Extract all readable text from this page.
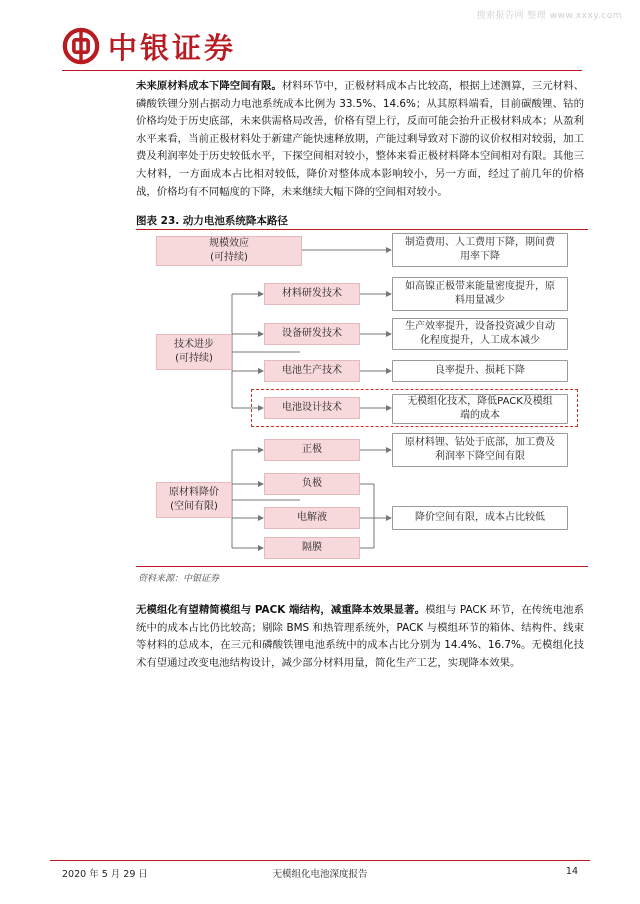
搜索报告网 整理 www.xxxy.com
中银证券

未来原材料成本下降空间有限。材料环节中，正极材料成本占比较高，根据上述测算，三元材料、磷酸铁锂分别占据动力电池系统成本比例为 33.5%、14.6%；从其原料端看，目前碳酸锂、钴的价格均处于历史底部，未来供需格局改善，价格有望上行，反而可能会抬升正极材料成本；从盈利水平来看，当前正极材料处于新建产能快速释放期，产能过剩导致对下游的议价权相对较弱，加工费及利润率处于历史较低水平，下探空间相对较小，整体来看正极材料降本空间相对有限。其他三大材料，一方面成本占比相对较低，降价对整体成本影响较小，另一方面，经过了前几年的价格战，价格均有不同幅度的下降，未来继续大幅下降的空间相对较小。

图表 23. 动力电池系统降本路径
规模效应
(可持续)
技术进步
(可持续)
原材料降价
(空间有限)
材料研发技术
设备研发技术
电池生产技术
电池设计技术
正极
负极
电解液
隔膜
制造费用、人工费用下降，期间费用率下降
如高镍正极带来能量密度提升，原料用量减少
生产效率提升，设备投资减少自动化程度提升，人工成本减少
良率提升、损耗下降
无模组化技术，降低PACK及模组端的成本
原材料锂、钴处于底部，加工费及利润率下降空间有限
降价空间有限，成本占比较低
资料来源：中银证券

无模组化有望精简模组与 PACK 端结构，减重降本效果显著。模组与 PACK 环节，在传统电池系统中的成本占比仍比较高；剔除 BMS 和热管理系统外，PACK 与模组环节的箱体、结构件、线束等材料的总成本，在三元和磷酸铁锂电池系统中的成本占比分别为 14.4%、16.7%。无模组化技术有望通过改变电池结构设计，减少部分材料用量，简化生产工艺，实现降本效果。

2020 年 5 月 29 日	无模组化电池深度报告	14
